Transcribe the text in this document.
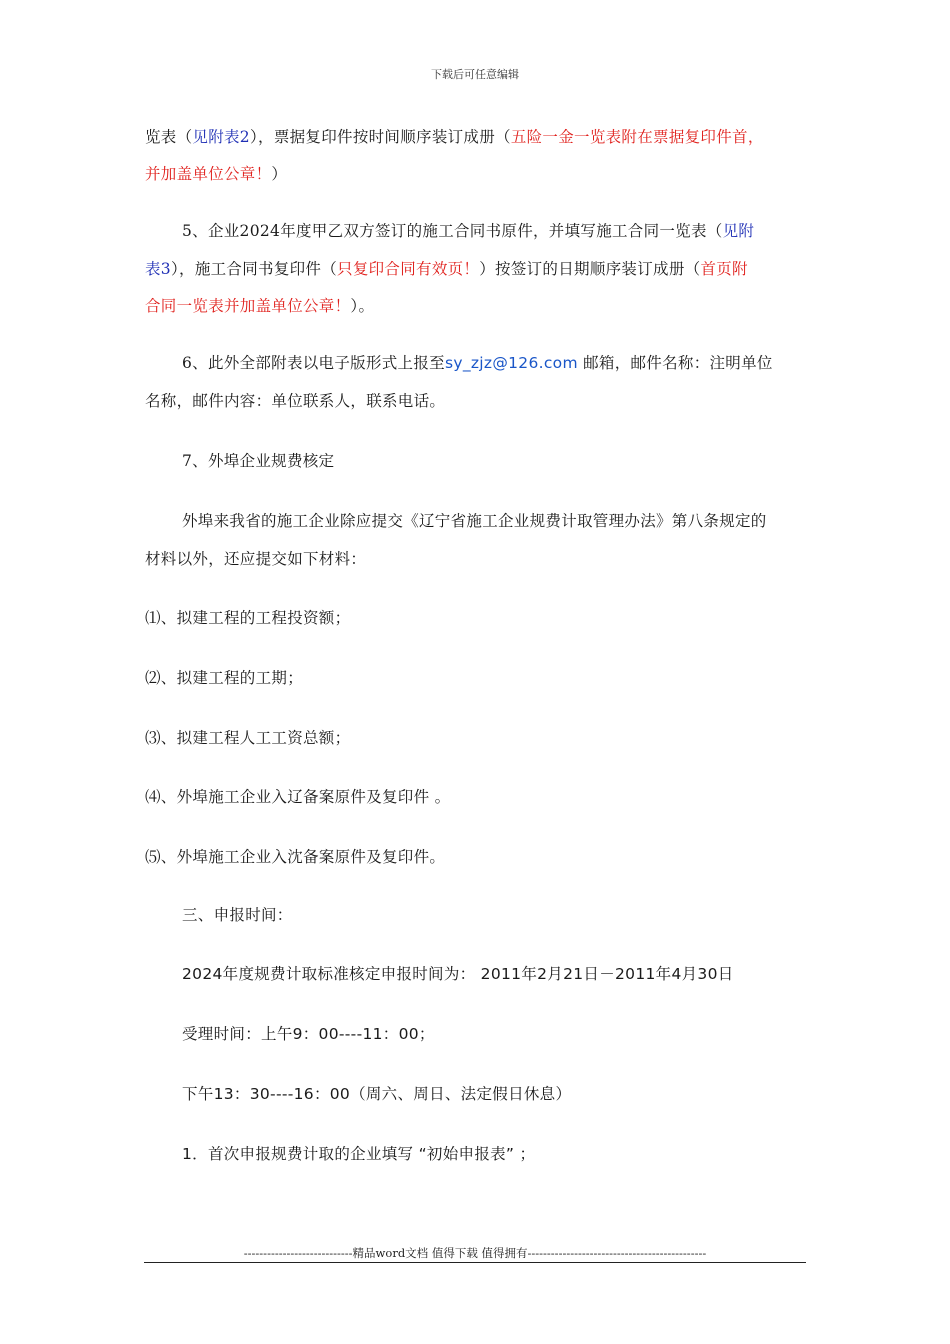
下载后可任意编辑
览表（见附表2），票据复印件按时间顺序装订成册（五险一金一览表附在票据复印件首，
并加盖单位公章！）
5、企业2024年度甲乙双方签订的施工合同书原件，并填写施工合同一览表（见附
表3），施工合同书复印件（只复印合同有效页！）按签订的日期顺序装订成册（首页附
合同一览表并加盖单位公章！）。
6、此外全部附表以电子版形式上报至sy_zjz@126.com 邮箱，邮件名称：注明单位
名称，邮件内容：单位联系人，联系电话。
7、外埠企业规费核定
外埠来我省的施工企业除应提交《辽宁省施工企业规费计取管理办法》第八条规定的
材料以外，还应提交如下材料：
⑴、拟建工程的工程投资额；
⑵、拟建工程的工期；
⑶、拟建工程人工工资总额；
⑷、外埠施工企业入辽备案原件及复印件 。
⑸、外埠施工企业入沈备案原件及复印件。
三、申报时间：
2024年度规费计取标准核定申报时间为： 2011年2月21日－2011年4月30日
受理时间：上午9：00----11：00；
下午13：30----16：00（周六、周日、法定假日休息）
1．首次申报规费计取的企业填写 “初始申报表” ；
----------------------------精品word文档 值得下载 值得拥有----------------------------------------------
